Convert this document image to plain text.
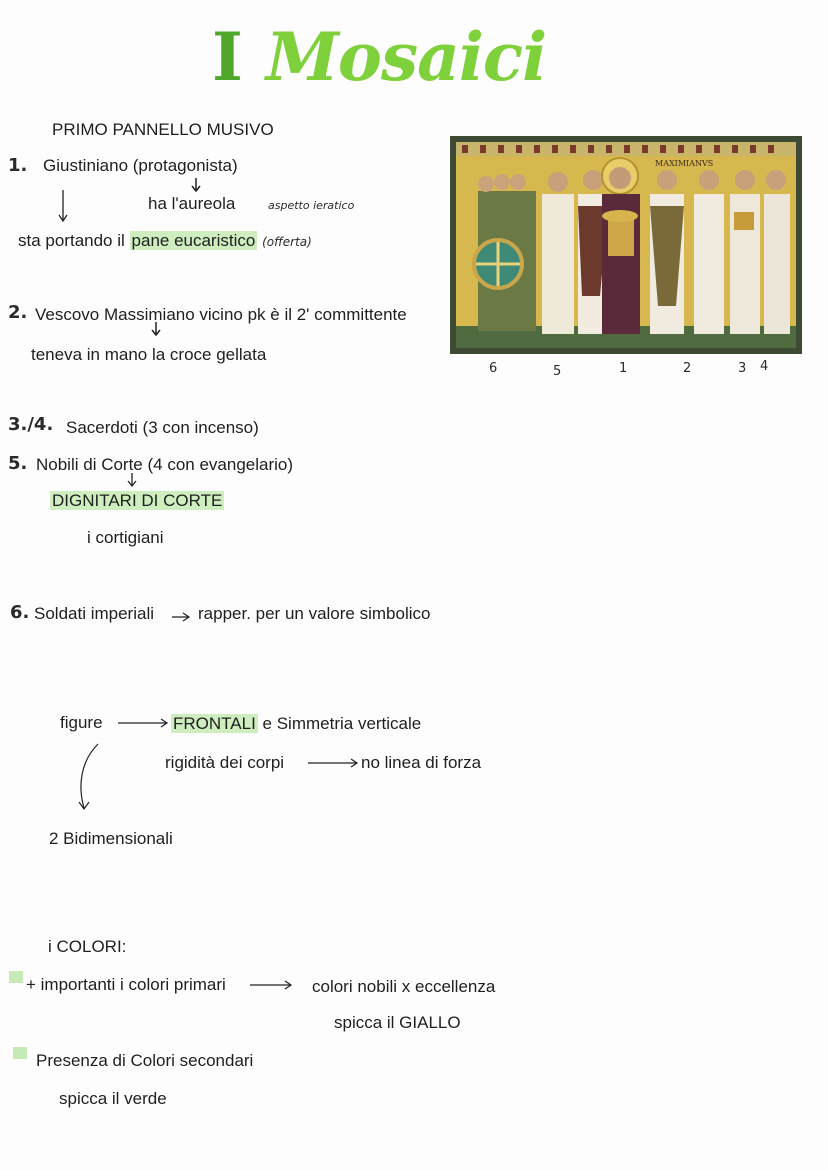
I Mosaici
PRIMO PANNELLO MUSIVO
1. Giustiniano (protagonista)
ha l'aureola	aspetto ieratico
sta portando il pane eucaristico (offerta)
2. Vescovo Massimiano vicino pk è il 2' committente
teneva in mano la croce gellata
MAXIMIANVS
6	5	1	2	3 4
3./4. Sacerdoti (3 con incenso)
5. Nobili di Corte (4 con evangelario)
DIGNITARI DI CORTE
i cortigiani
6. Soldati imperiali	rapper. per un valore simbolico
figure	FRONTALI e Simmetria verticale
rigidità dei corpi	no linea di forza
2 Bidimensionali
i COLORI:
+ importanti i colori primari	colori nobili x eccellenza
spicca il GIALLO
Presenza di Colori secondari
spicca il verde
